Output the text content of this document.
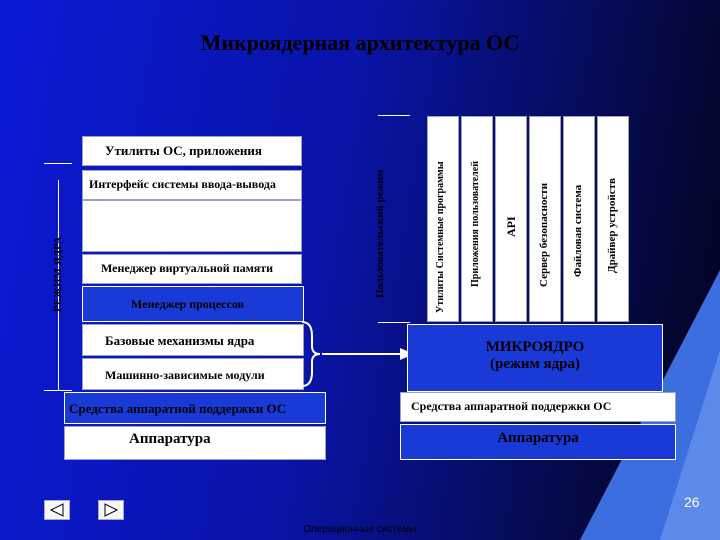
Микроядерная архитектура ОС
РЕЖИМ ЯДРА
Утилиты ОС, приложения
Интерфейс системы ввода-вывода
Менеджер виртуальной памяти
Менеджер процессов
Базовые механизмы ядра
Машинно-зависимые модули
Средства аппаратной поддержки ОС
Аппаратура
Пользовательский режим	Утилиты Системные программы Приложения пользователей API Сервер безопасности Файловая система Драйвер устройств
МИКРОЯДРО
(режим ядра)
Средства аппаратной поддержки ОС
Аппаратура
26
Операционные системы
